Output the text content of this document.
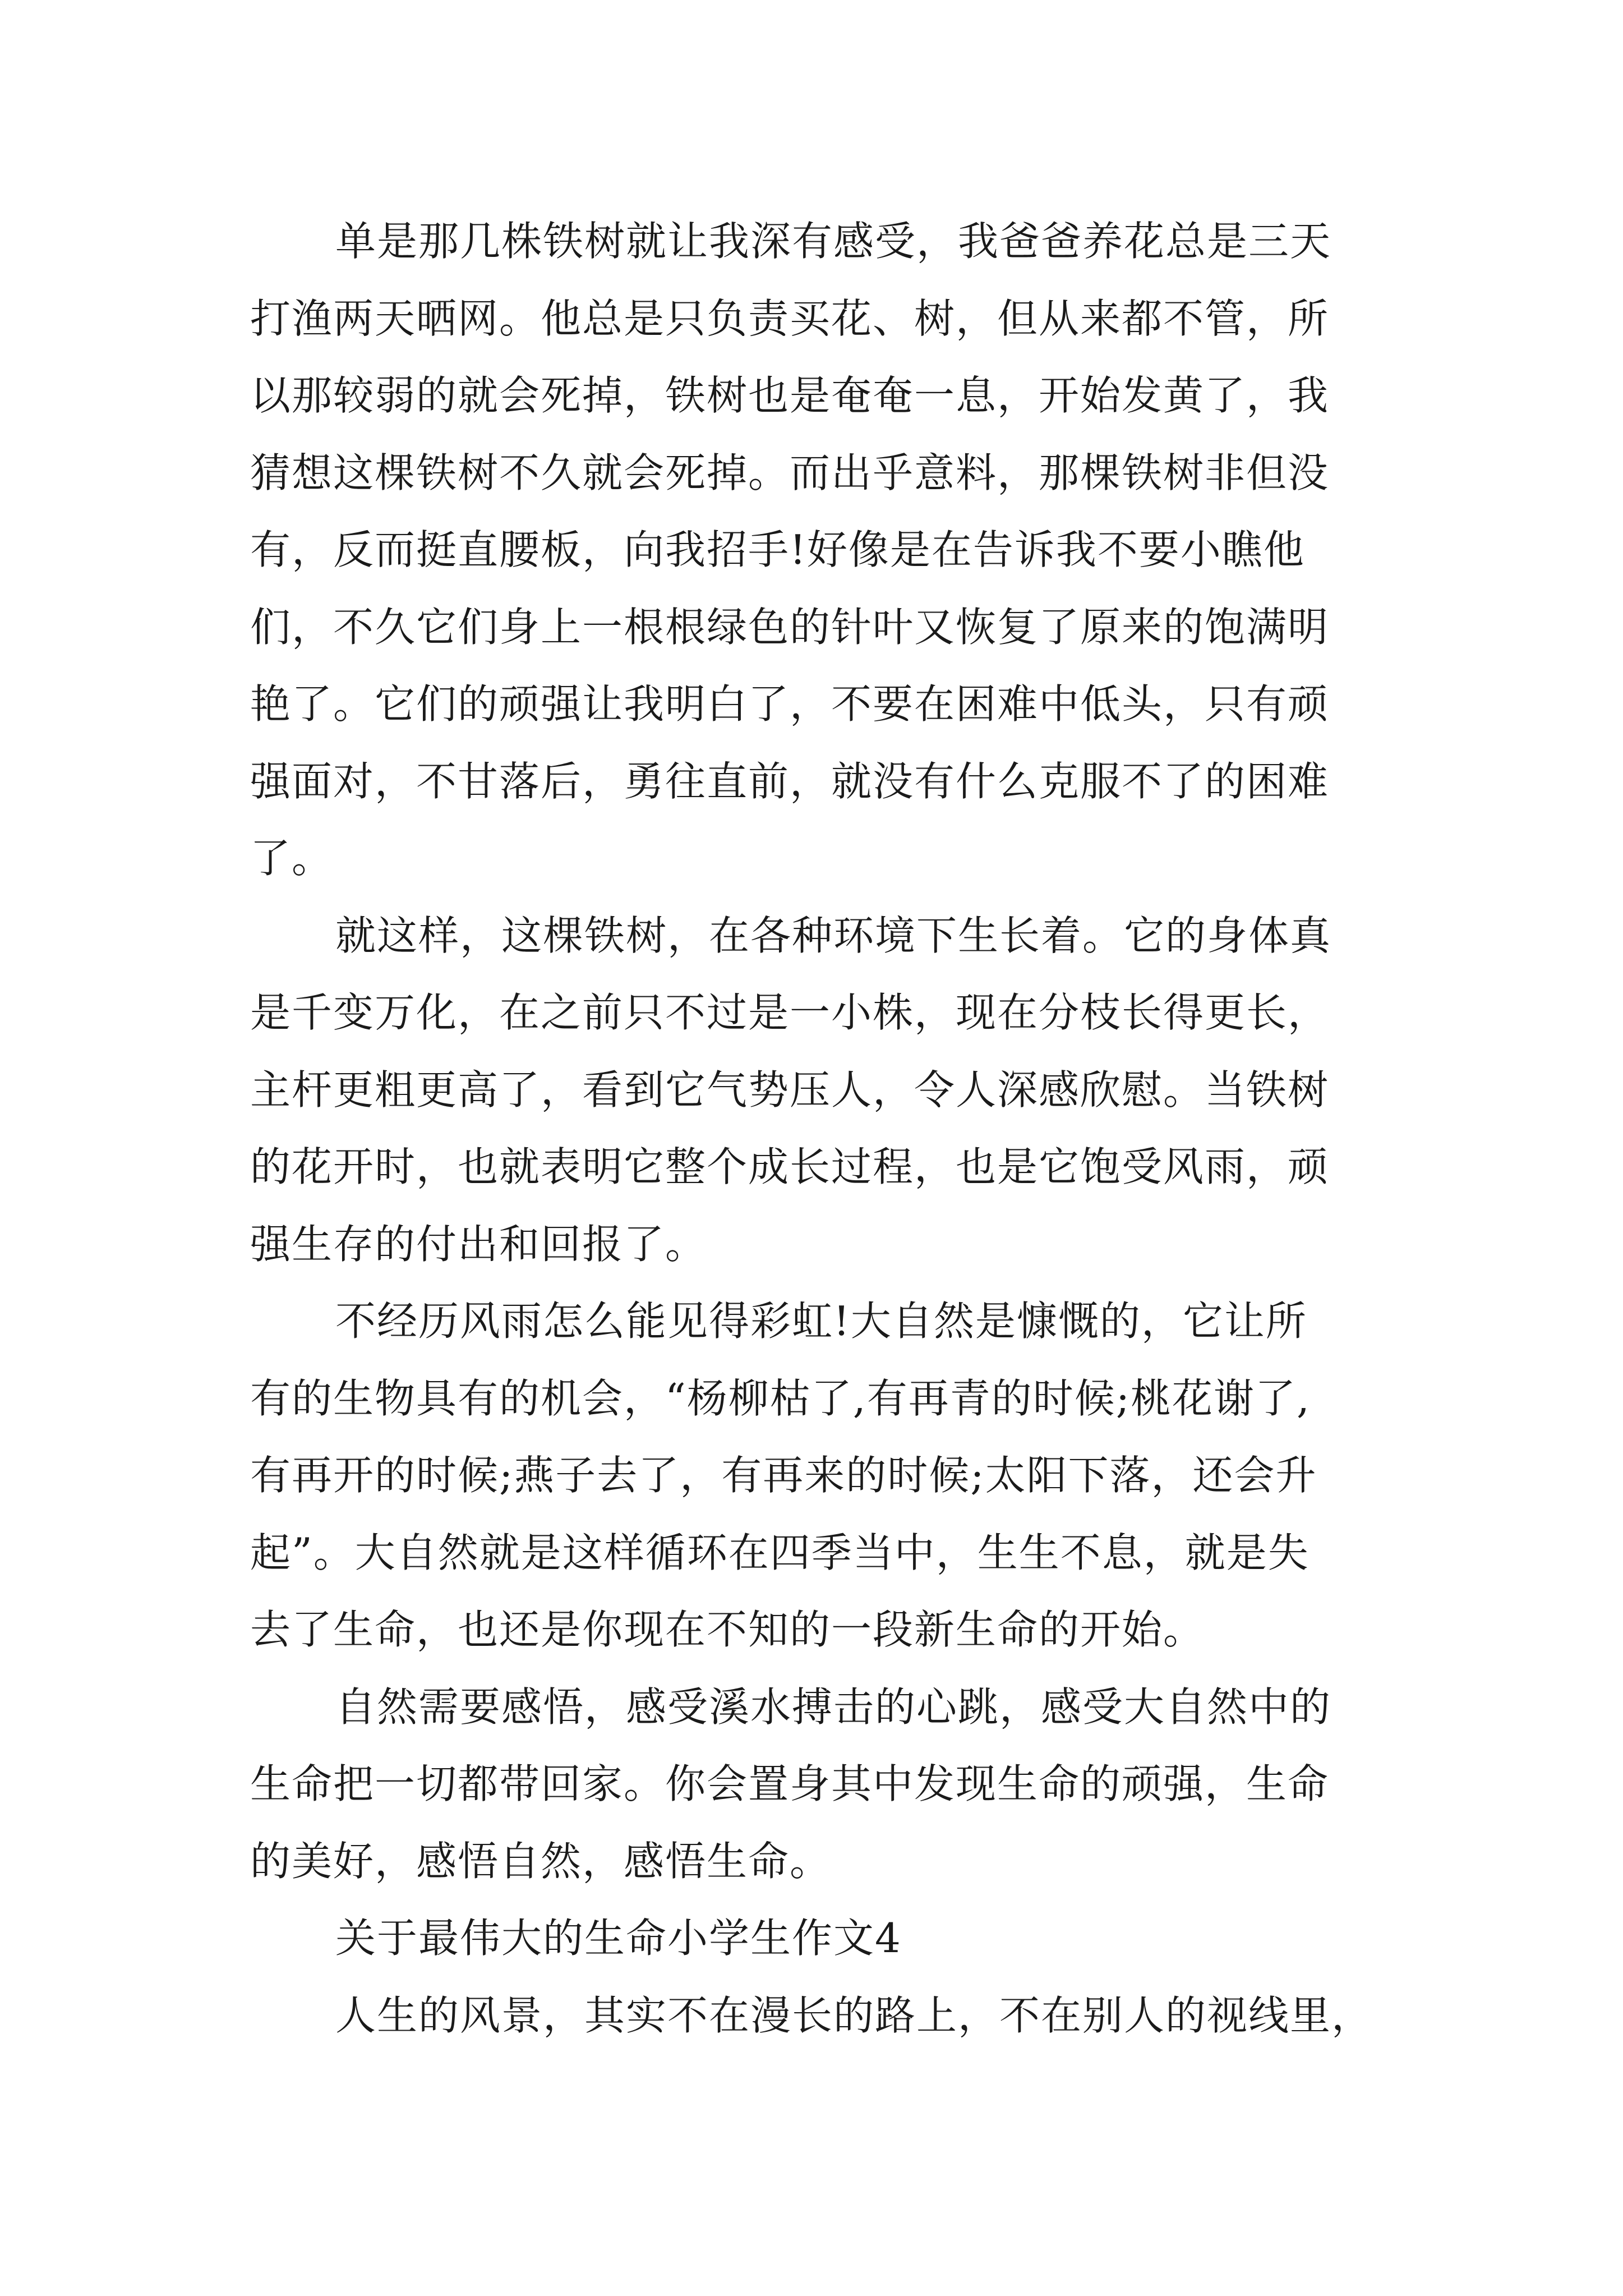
单是那几株铁树就让我深有感受，我爸爸养花总是三天
打渔两天晒网。他总是只负责买花、树，但从来都不管，所
以那较弱的就会死掉，铁树也是奄奄一息，开始发黄了，我
猜想这棵铁树不久就会死掉。而出乎意料，那棵铁树非但没
有，反而挺直腰板，向我招手!好像是在告诉我不要小瞧他
们，不久它们身上一根根绿色的针叶又恢复了原来的饱满明
艳了。它们的顽强让我明白了，不要在困难中低头，只有顽
强面对，不甘落后，勇往直前，就没有什么克服不了的困难
了。
就这样，这棵铁树，在各种环境下生长着。它的身体真
是千变万化，在之前只不过是一小株，现在分枝长得更长，
主杆更粗更高了，看到它气势压人，令人深感欣慰。当铁树
的花开时，也就表明它整个成长过程，也是它饱受风雨，顽
强生存的付出和回报了。
不经历风雨怎么能见得彩虹!大自然是慷慨的，它让所
有的生物具有的机会，“杨柳枯了,有再青的时候;桃花谢了,
有再开的时候;燕子去了，有再来的时候;太阳下落，还会升
起”。大自然就是这样循环在四季当中，生生不息，就是失
去了生命，也还是你现在不知的一段新生命的开始。
自然需要感悟，感受溪水搏击的心跳，感受大自然中的
生命把一切都带回家。你会置身其中发现生命的顽强，生命
的美好，感悟自然，感悟生命。
关于最伟大的生命小学生作文4
人生的风景，其实不在漫长的路上，不在别人的视线里，
